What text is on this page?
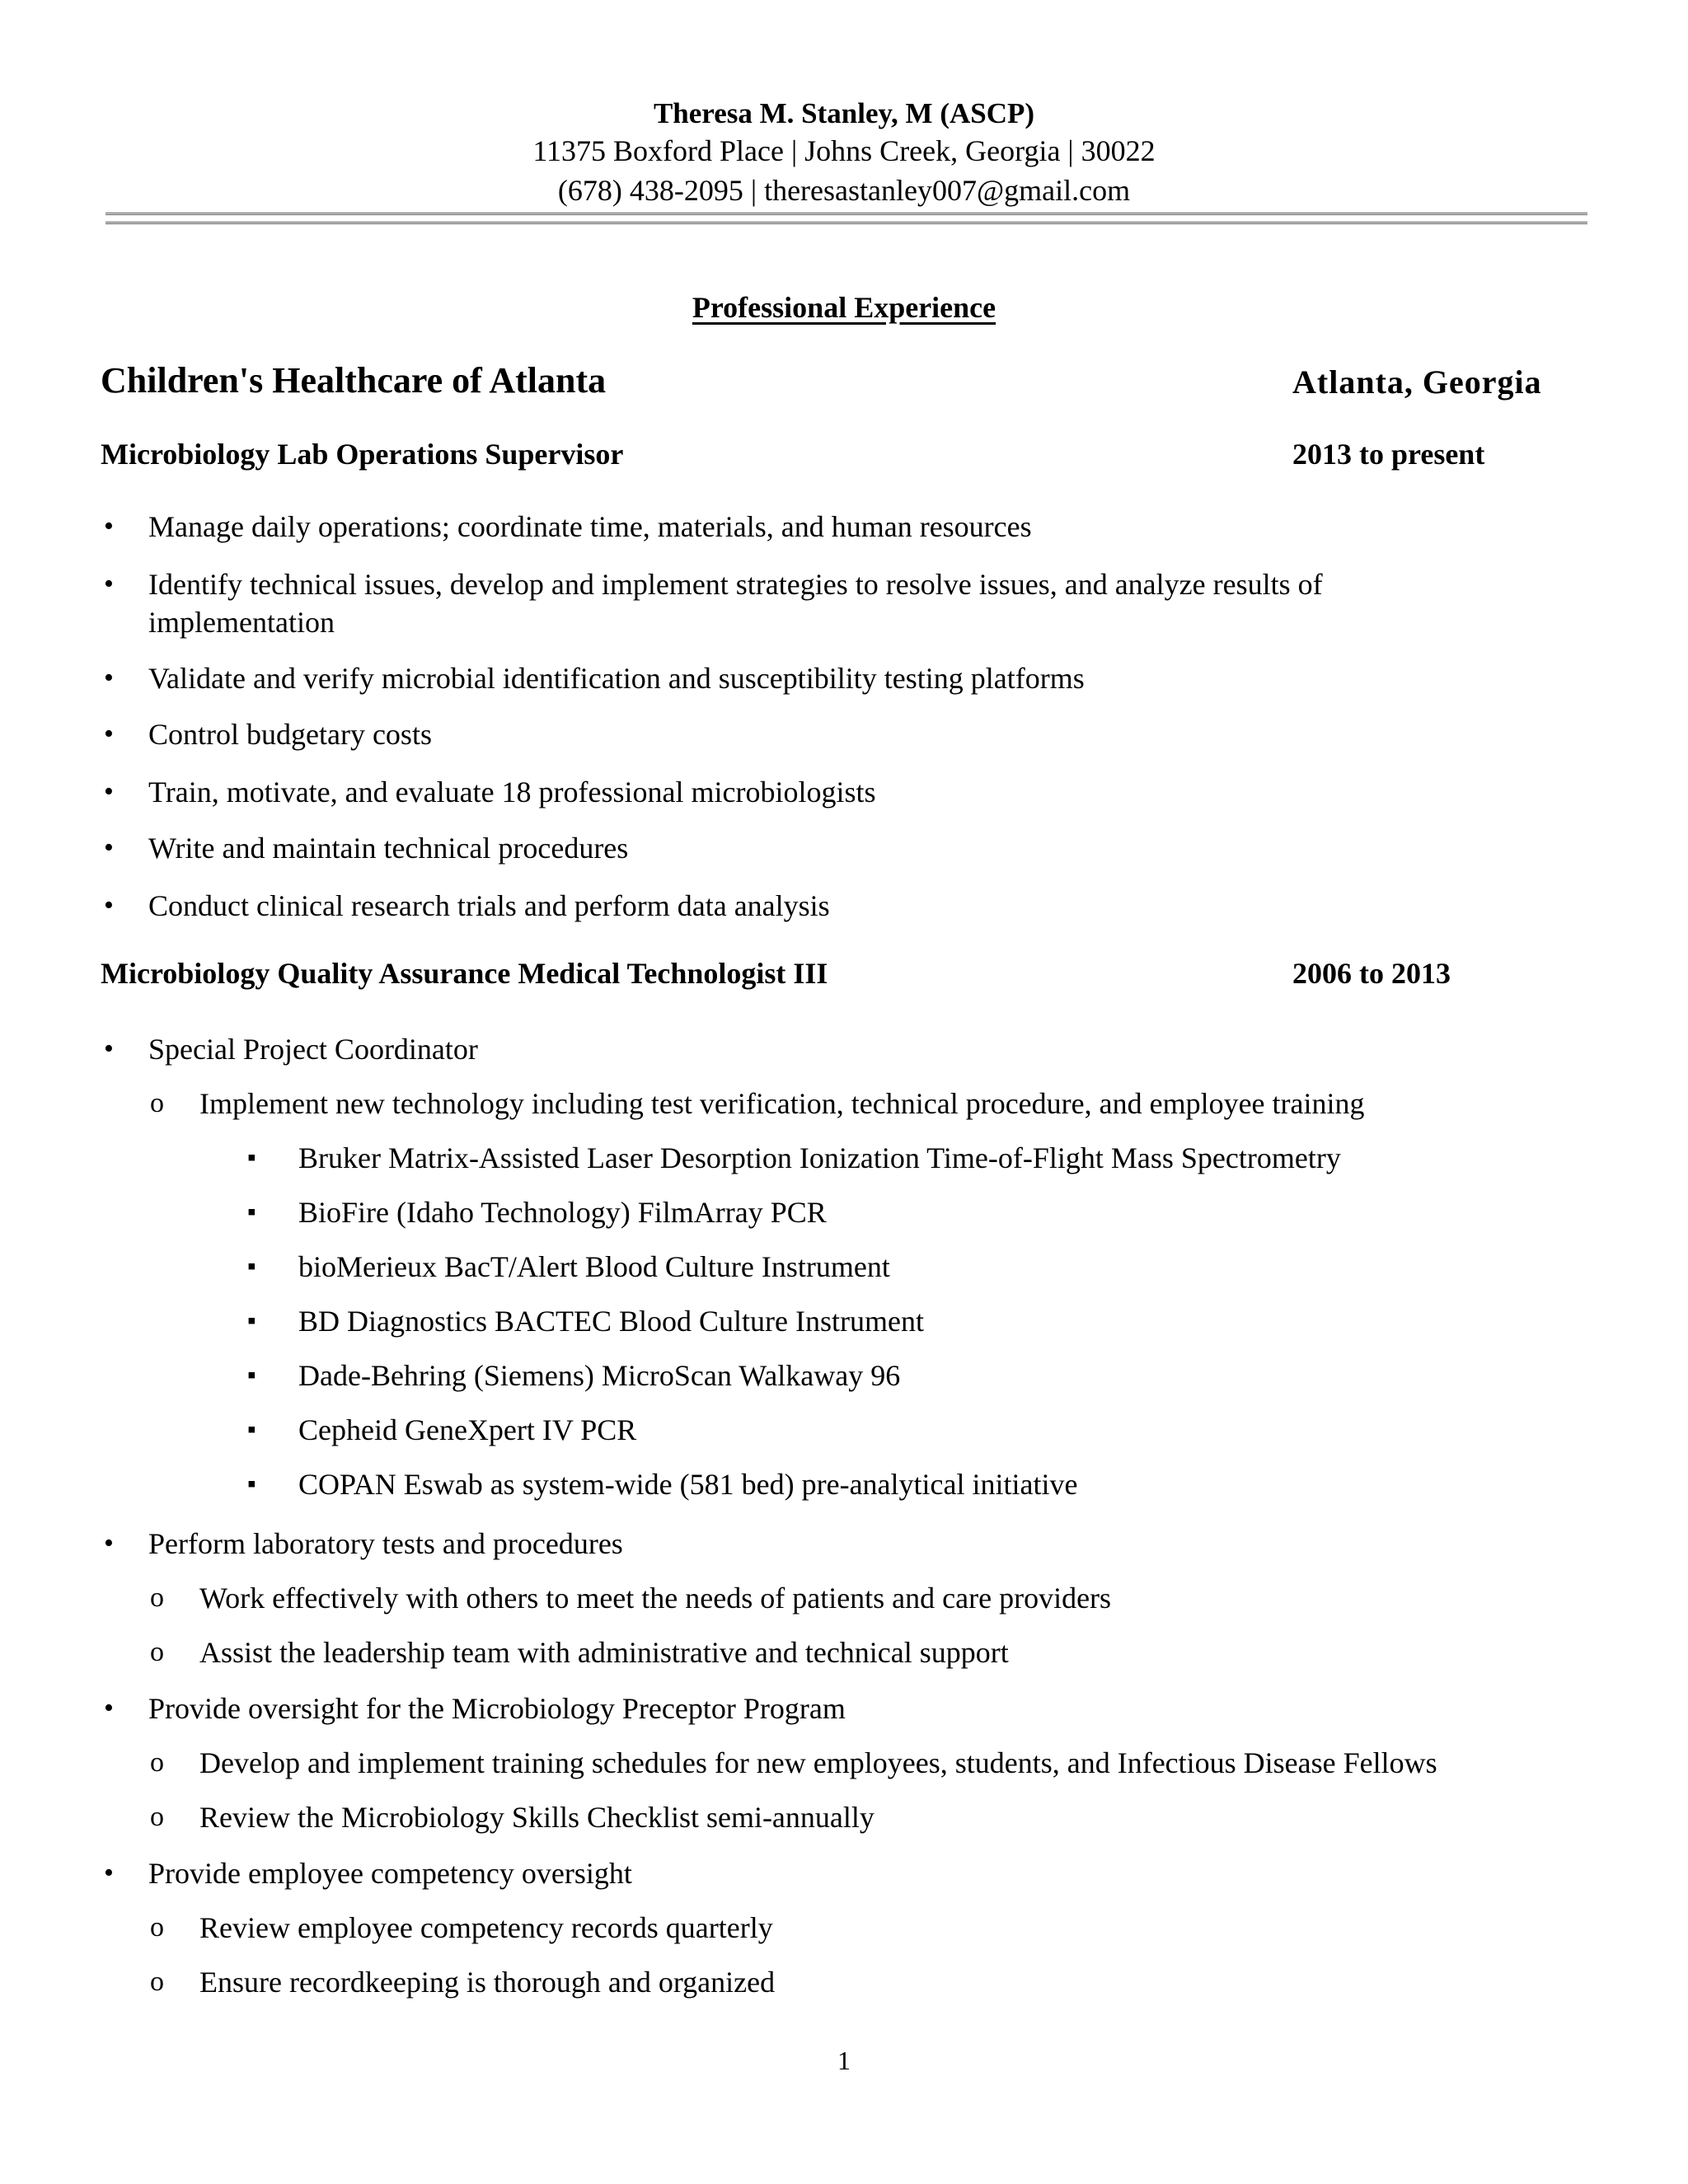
Theresa M. Stanley, M (ASCP)
11375 Boxford Place | Johns Creek, Georgia | 30022
(678) 438-2095 | theresastanley007@gmail.com
Professional Experience
Children's Healthcare of Atlanta	Atlanta, Georgia
Microbiology Lab Operations Supervisor	2013 to present
• Manage daily operations; coordinate time, materials, and human resources
• Identify technical issues, develop and implement strategies to resolve issues, and analyze results of implementation
• Validate and verify microbial identification and susceptibility testing platforms
• Control budgetary costs
• Train, motivate, and evaluate 18 professional microbiologists
• Write and maintain technical procedures
• Conduct clinical research trials and perform data analysis
Microbiology Quality Assurance Medical Technologist III	2006 to 2013
• Special Project Coordinator
o Implement new technology including test verification, technical procedure, and employee training
▪ Bruker Matrix-Assisted Laser Desorption Ionization Time-of-Flight Mass Spectrometry
▪ BioFire (Idaho Technology) FilmArray PCR
▪ bioMerieux BacT/Alert Blood Culture Instrument
▪ BD Diagnostics BACTEC Blood Culture Instrument
▪ Dade-Behring (Siemens) MicroScan Walkaway 96
▪ Cepheid GeneXpert IV PCR
▪ COPAN Eswab as system-wide (581 bed) pre-analytical initiative
• Perform laboratory tests and procedures
o Work effectively with others to meet the needs of patients and care providers
o Assist the leadership team with administrative and technical support
• Provide oversight for the Microbiology Preceptor Program
o Develop and implement training schedules for new employees, students, and Infectious Disease Fellows
o Review the Microbiology Skills Checklist semi-annually
• Provide employee competency oversight
o Review employee competency records quarterly
o Ensure recordkeeping is thorough and organized
1
